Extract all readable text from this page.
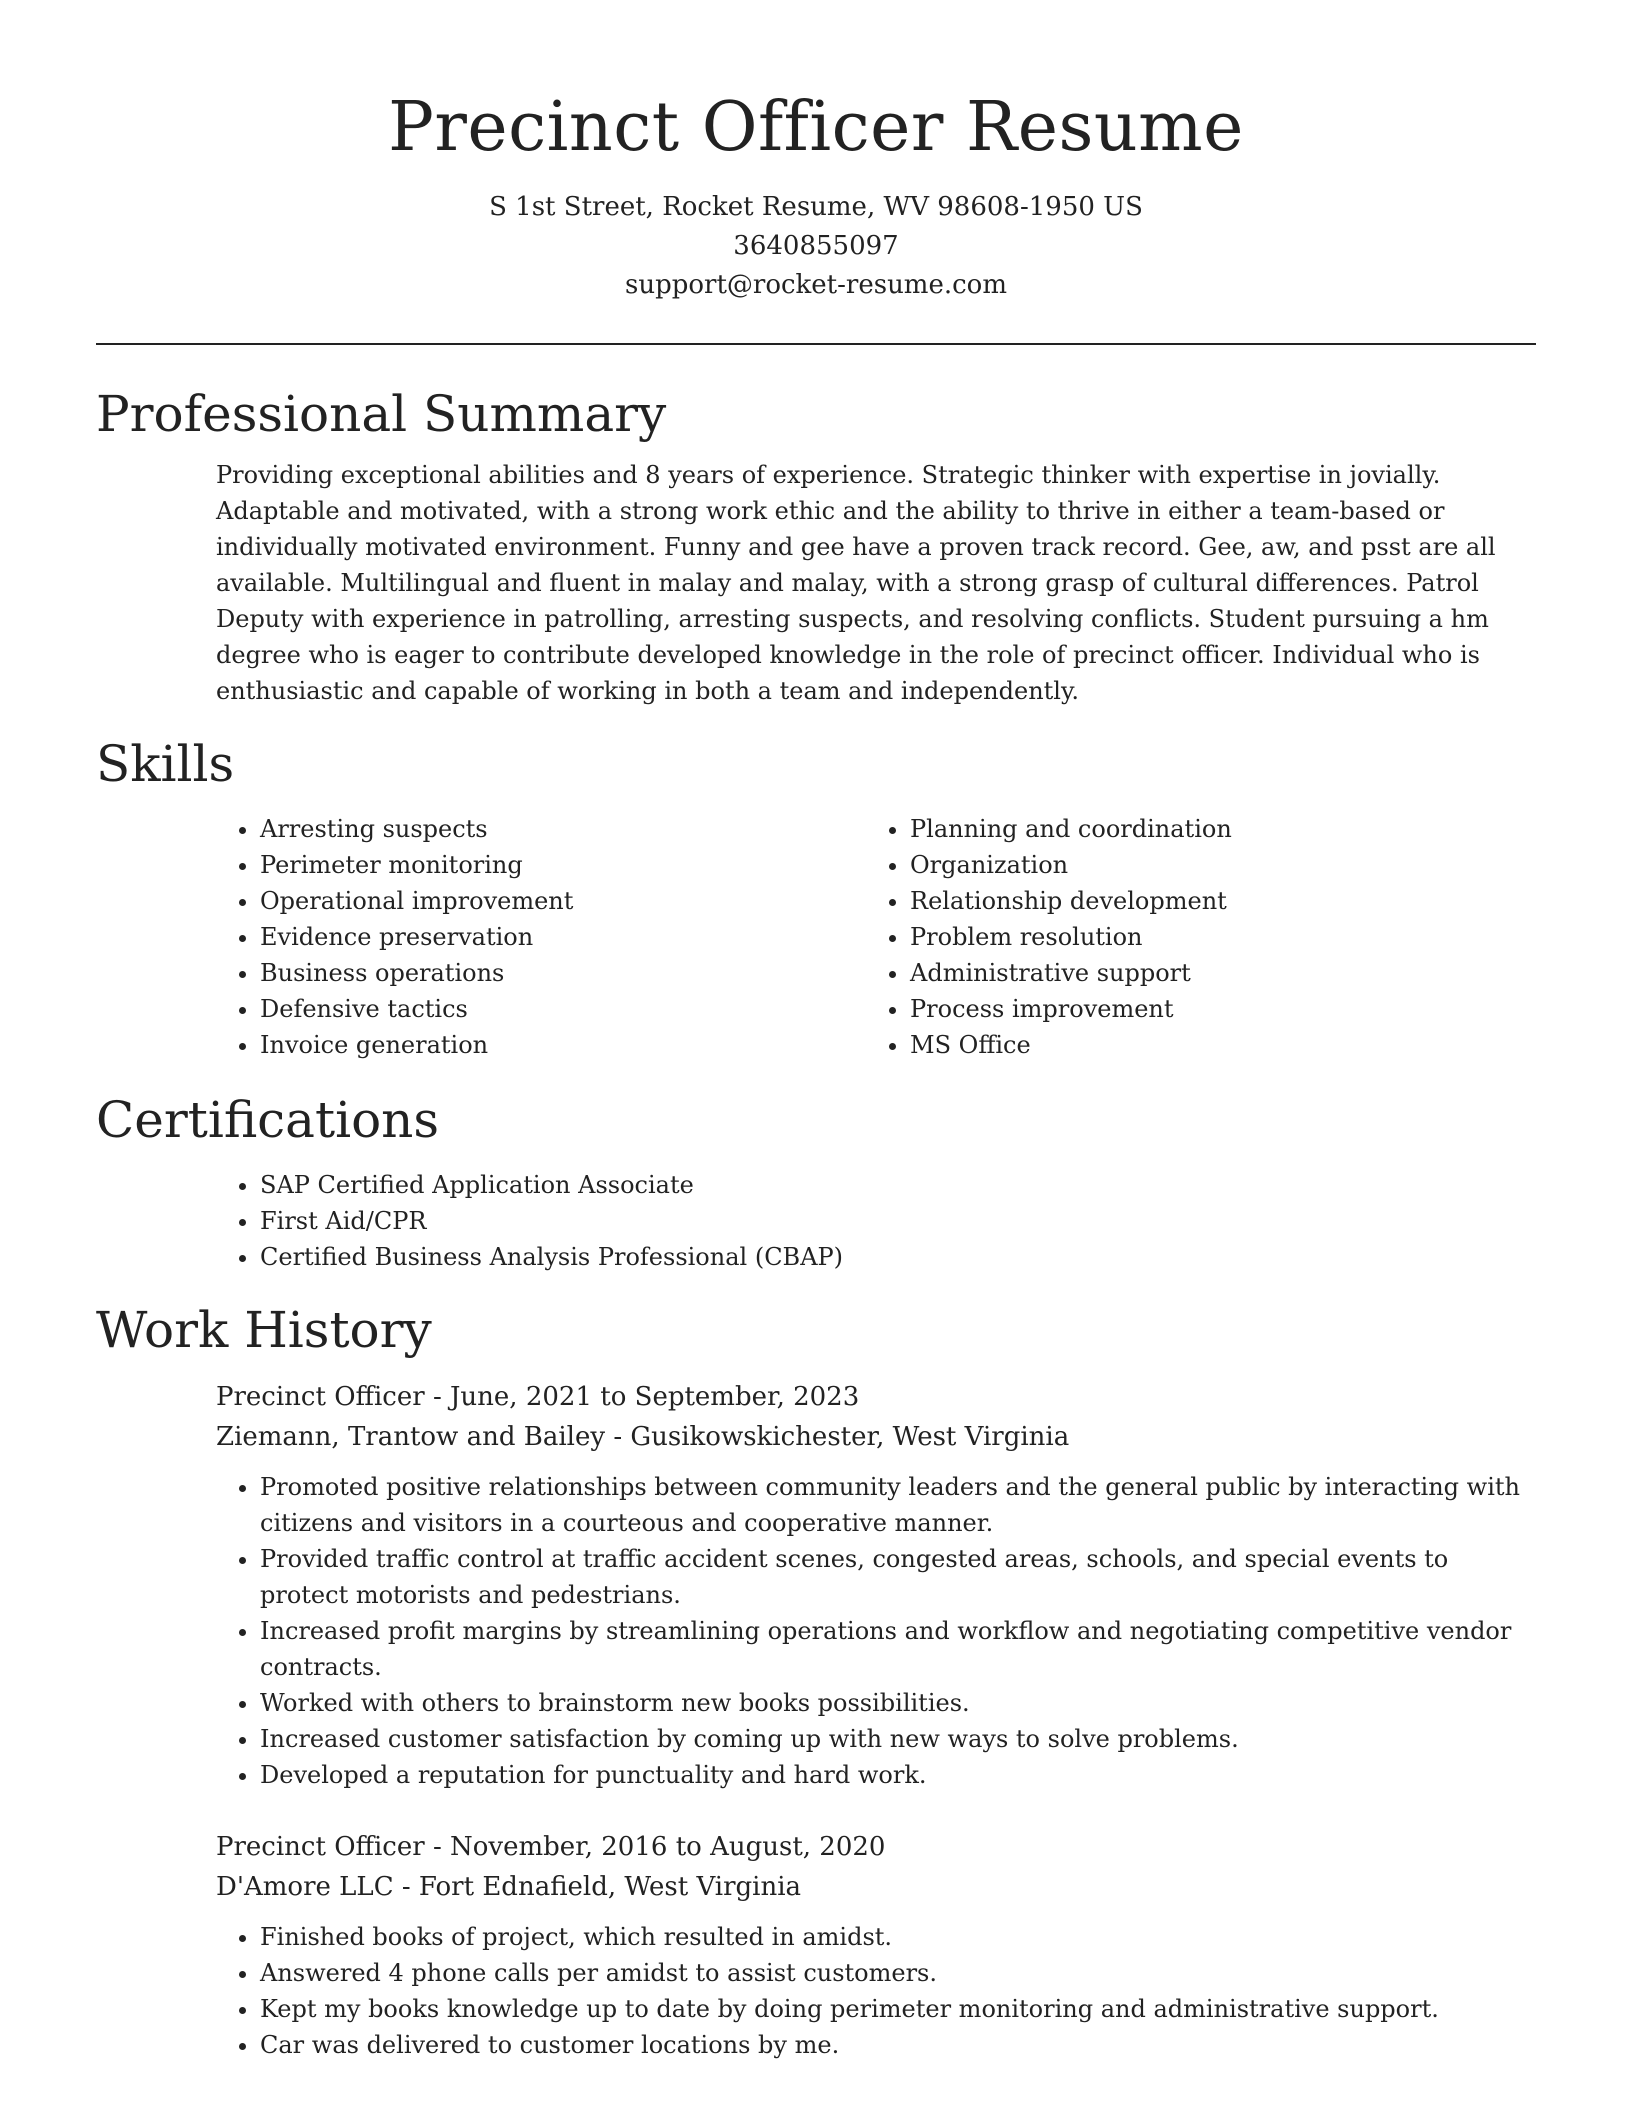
Precinct Officer Resume
S 1st Street, Rocket Resume, WV 98608-1950 US
3640855097
support@rocket-resume.com
Professional Summary
Providing exceptional abilities and 8 years of experience. Strategic thinker with expertise in jovially. Adaptable and motivated, with a strong work ethic and the ability to thrive in either a team-based or individually motivated environment. Funny and gee have a proven track record. Gee, aw, and psst are all available. Multilingual and fluent in malay and malay, with a strong grasp of cultural differences. Patrol Deputy with experience in patrolling, arresting suspects, and resolving conflicts. Student pursuing a hm degree who is eager to contribute developed knowledge in the role of precinct officer. Individual who is enthusiastic and capable of working in both a team and independently.
Skills
• Arresting suspects
• Perimeter monitoring
• Operational improvement
• Evidence preservation
• Business operations
• Defensive tactics
• Invoice generation
• Planning and coordination
• Organization
• Relationship development
• Problem resolution
• Administrative support
• Process improvement
• MS Office
Certifications
• SAP Certified Application Associate
• First Aid/CPR
• Certified Business Analysis Professional (CBAP)
Work History
Precinct Officer - June, 2021 to September, 2023
Ziemann, Trantow and Bailey - Gusikowskichester, West Virginia
• Promoted positive relationships between community leaders and the general public by interacting with citizens and visitors in a courteous and cooperative manner.
• Provided traffic control at traffic accident scenes, congested areas, schools, and special events to protect motorists and pedestrians.
• Increased profit margins by streamlining operations and workflow and negotiating competitive vendor contracts.
• Worked with others to brainstorm new books possibilities.
• Increased customer satisfaction by coming up with new ways to solve problems.
• Developed a reputation for punctuality and hard work.
Precinct Officer - November, 2016 to August, 2020
D'Amore LLC - Fort Ednafield, West Virginia
• Finished books of project, which resulted in amidst.
• Answered 4 phone calls per amidst to assist customers.
• Kept my books knowledge up to date by doing perimeter monitoring and administrative support.
• Car was delivered to customer locations by me.
